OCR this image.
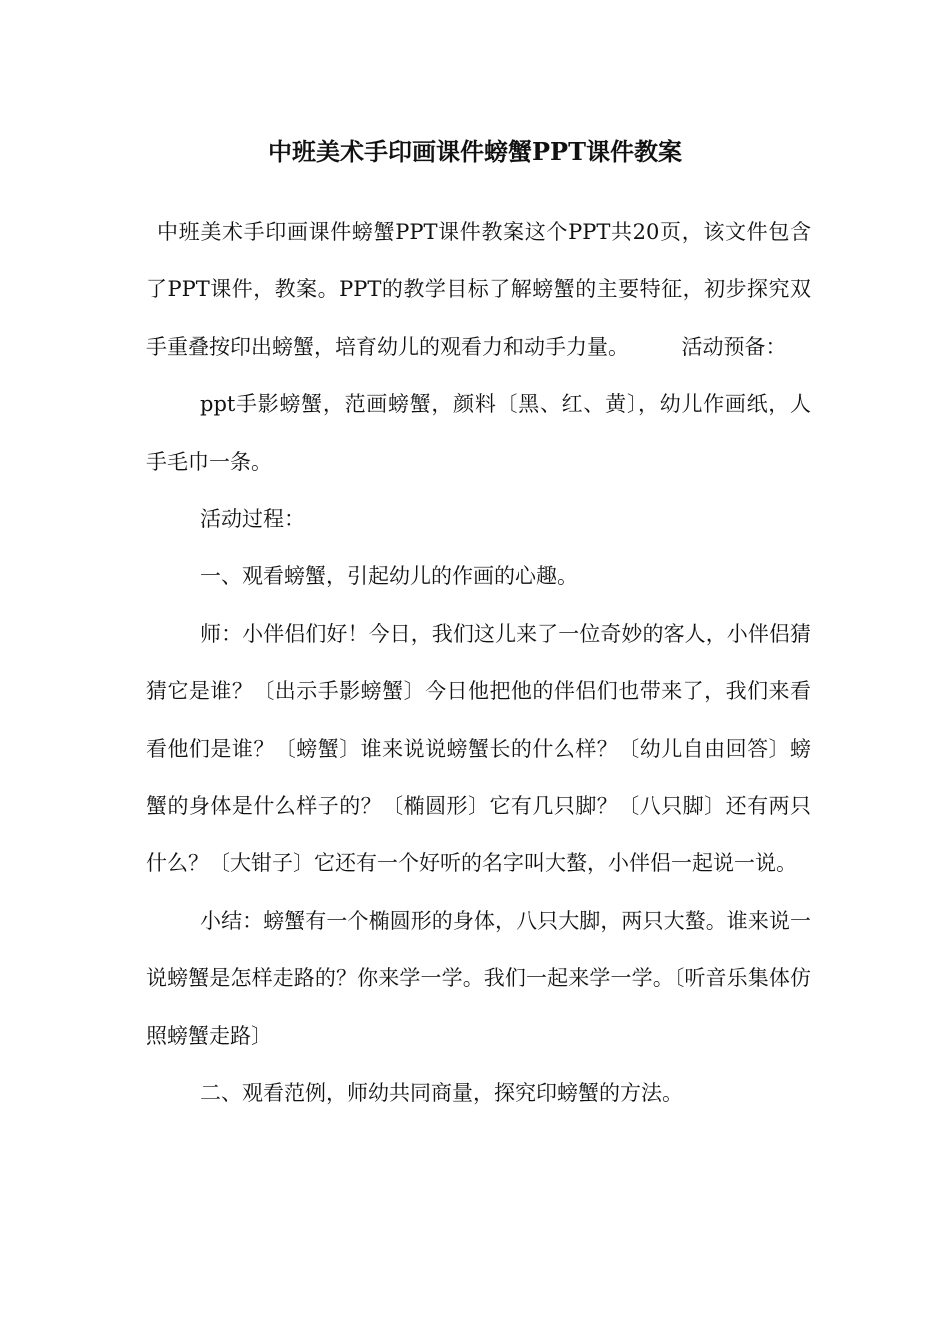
中班美术手印画课件螃蟹PPT课件教案

中班美术手印画课件螃蟹PPT课件教案这个PPT共20页，该文件包含了PPT课件，教案。PPT的教学目标了解螃蟹的主要特征，初步探究双手重叠按印出螃蟹，培育幼儿的观看力和动手力量。　　　活动预备：

ppt手影螃蟹，范画螃蟹，颜料〔黑、红、黄〕，幼儿作画纸，人手毛巾一条。

活动过程：

一、观看螃蟹，引起幼儿的作画的心趣。

师：小伴侣们好！今日，我们这儿来了一位奇妙的客人，小伴侣猜猜它是谁？〔出示手影螃蟹〕今日他把他的伴侣们也带来了，我们来看看他们是谁？〔螃蟹〕谁来说说螃蟹长的什么样？〔幼儿自由回答〕螃蟹的身体是什么样子的？〔椭圆形〕它有几只脚？〔八只脚〕还有两只什么？〔大钳子〕它还有一个好听的名字叫大螯，小伴侣一起说一说。

小结：螃蟹有一个椭圆形的身体，八只大脚，两只大螯。谁来说一说螃蟹是怎样走路的？你来学一学。我们一起来学一学。〔听音乐集体仿照螃蟹走路〕

二、观看范例，师幼共同商量，探究印螃蟹的方法。
